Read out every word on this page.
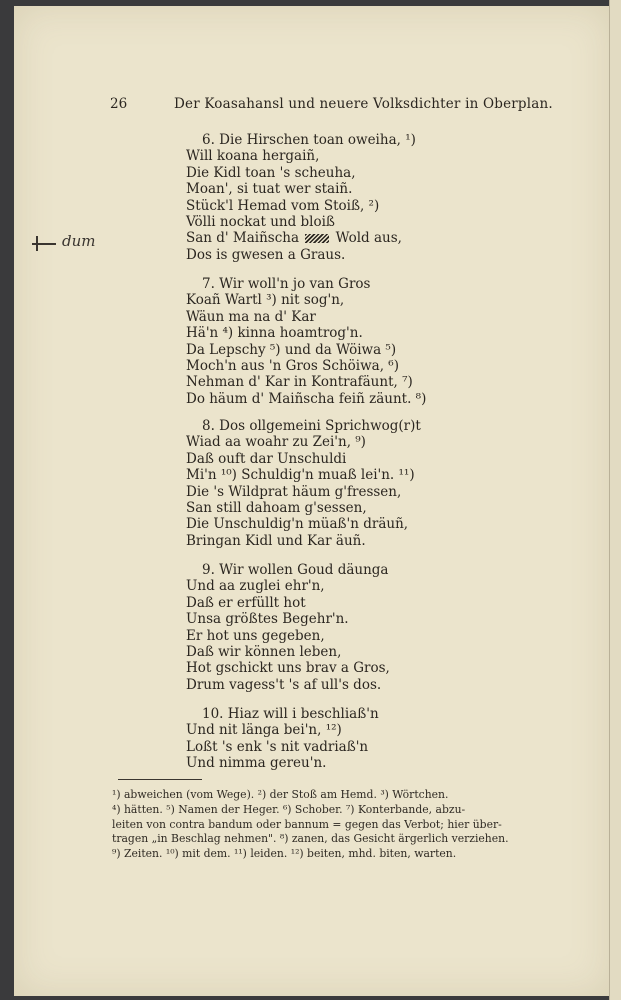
26	Der Koasahansl und neuere Volksdichter in Oberplan.
dum
6. Die Hirschen toan oweiha, ¹)
Will koana hergaiñ,
Die Kidl toan 's scheuha,
Moan', si tuat wer staiñ.
Stück'l Hemad vom Stoiß, ²)
Völli nockat und bloiß
San d' Maiñscha	Wold aus,
Dos is gwesen a Graus.
7. Wir woll'n jo van Gros
Koañ Wartl ³) nit sog'n,
Wäun ma na d' Kar
Hä'n ⁴) kinna hoamtrog'n.
Da Lepschy ⁵) und da Wöiwa ⁵)
Moch'n aus 'n Gros Schöiwa, ⁶)
Nehman d' Kar in Kontrafäunt, ⁷)
Do häum d' Maiñscha feiñ zäunt. ⁸)
8. Dos ollgemeini Sprichwog(r)t
Wiad aa woahr zu Zei'n, ⁹)
Daß ouft dar Unschuldi
Mi'n ¹⁰) Schuldig'n muaß lei'n. ¹¹)
Die 's Wildprat häum g'fressen,
San still dahoam g'sessen,
Die Unschuldig'n müaß'n dräuñ,
Bringan Kidl und Kar äuñ.
9. Wir wollen Goud däunga
Und aa zuglei ehr'n,
Daß er erfüllt hot
Unsa größtes Begehr'n.
Er hot uns gegeben,
Daß wir können leben,
Hot gschickt uns brav a Gros,
Drum vagess't 's af ull's dos.
10. Hiaz will i beschliaß'n
Und nit länga bei'n, ¹²)
Loßt 's enk 's nit vadriaß'n
Und nimma gereu'n.
¹) abweichen (vom Wege). ²) der Stoß am Hemd. ³) Wörtchen.
⁴) hätten. ⁵) Namen der Heger. ⁶) Schober. ⁷) Konterbande, abzu-
leiten von contra bandum oder bannum = gegen das Verbot; hier über-
tragen „in Beschlag nehmen". ⁸) zanen, das Gesicht ärgerlich verziehen.
⁹) Zeiten. ¹⁰) mit dem. ¹¹) leiden. ¹²) beiten, mhd. biten, warten.
